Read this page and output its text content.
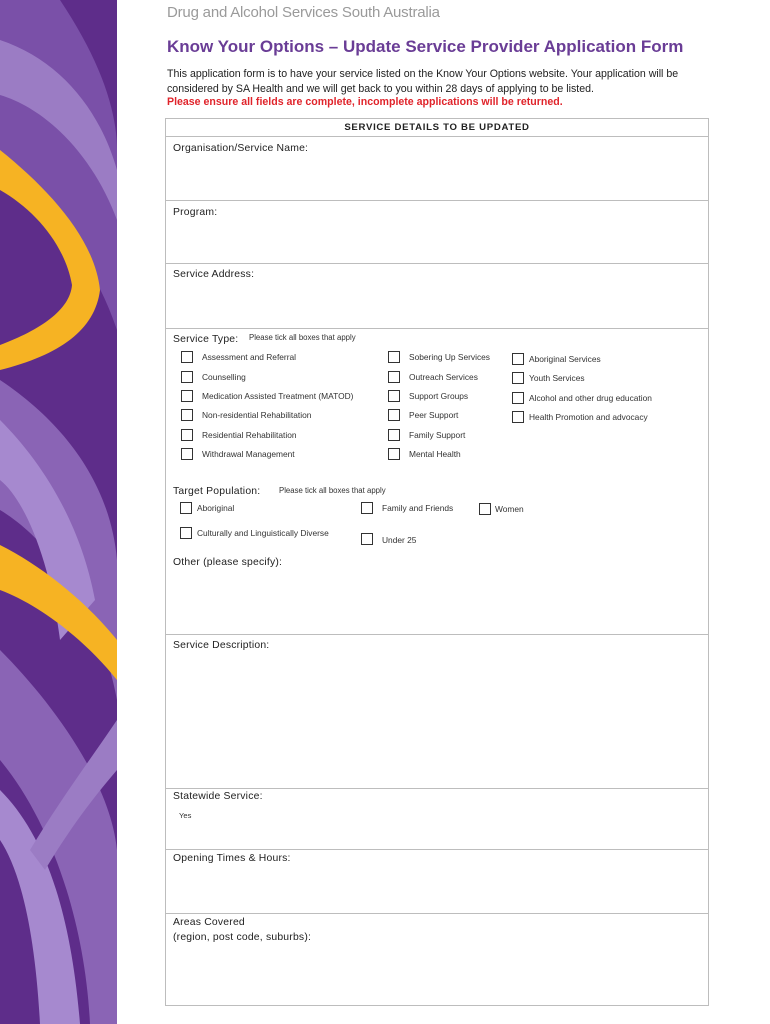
Drug and Alcohol Services South Australia
Know Your Options – Update Service Provider Application Form
This application form is to have your service listed on the Know Your Options website. Your application will be considered by SA Health and we will get back to you within 28 days of applying to be listed.
Please ensure all fields are complete, incomplete applications will be returned.
SERVICE DETAILS TO BE UPDATED
Organisation/Service Name:
Program:
Service Address:
Service Type: Please tick all boxes that apply
Assessment and Referral
Counselling
Medication Assisted Treatment (MATOD)
Non-residential Rehabilitation
Residential Rehabilitation
Withdrawal Management
Sobering Up Services
Outreach Services
Support Groups
Peer Support
Family Support
Mental Health
Aboriginal Services
Youth Services
Alcohol and other drug education
Health Promotion and advocacy
Target Population: Please tick all boxes that apply
Aboriginal	Family and Friends	Women
Culturally and Linguistically Diverse
Under 25
Other (please specify):
Service Description:
Statewide Service:
Yes
Opening Times & Hours:
Areas Covered
(region, post code, suburbs):
